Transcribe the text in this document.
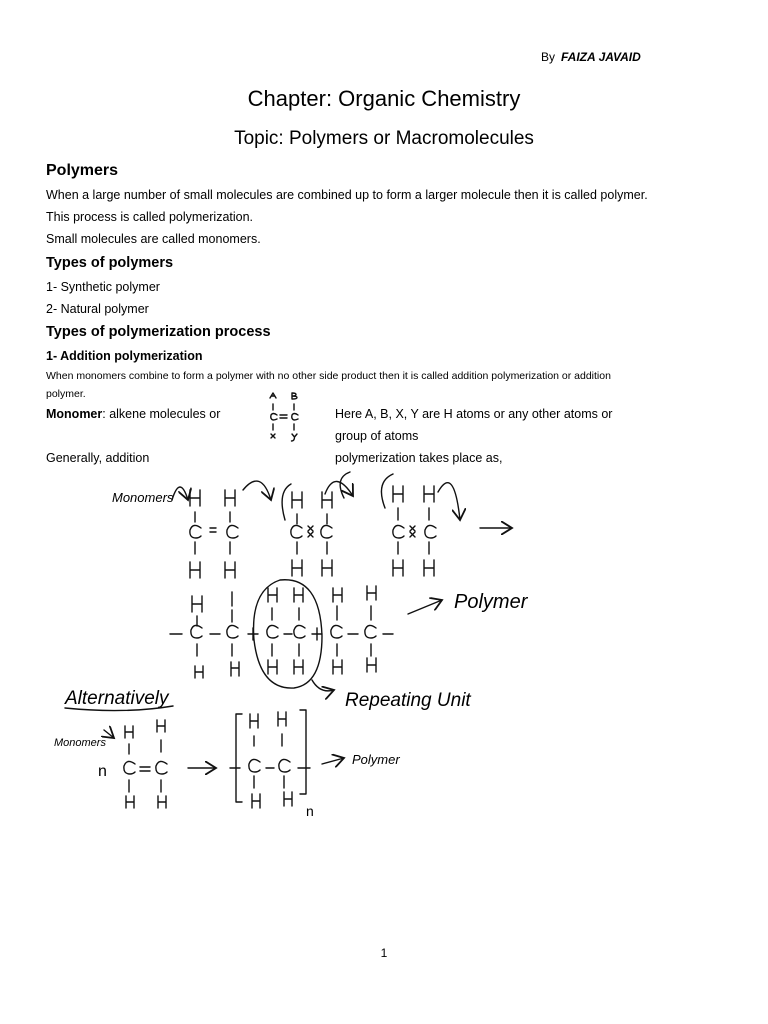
By FAIZA JAVAID
Chapter: Organic Chemistry
Topic: Polymers or Macromolecules
Polymers
When a large number of small molecules are combined up to form a larger molecule then it is called polymer.
This process is called polymerization.
Small molecules are called monomers.
Types of polymers
1- Synthetic polymer
2- Natural polymer
Types of polymerization process
1- Addition polymerization
When monomers combine to form a polymer with no other side product then it is called addition polymerization or addition
polymer.
Monomer: alkene molecules or	Here A, B, X, Y are H atoms or any other atoms or
group of atoms
Generally, addition	polymerization takes place as,
Monomers
Polymer
Repeating Unit
Alternatively
Monomers
n
n
Polymer
1
